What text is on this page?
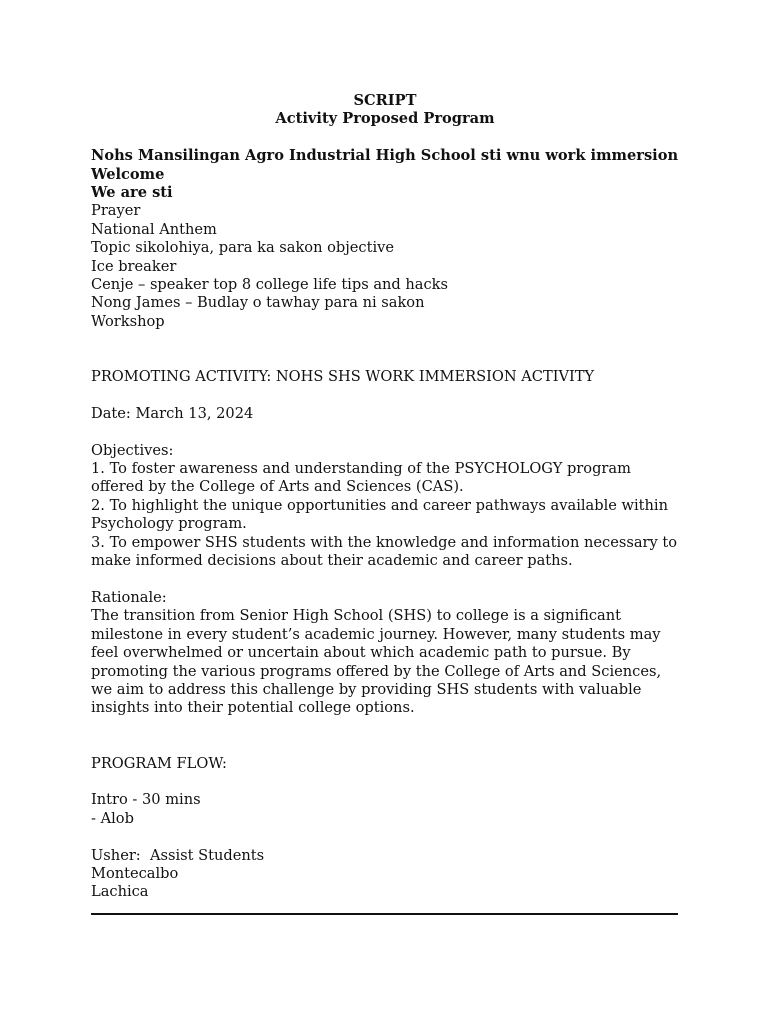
SCRIPT
Activity Proposed Program
Nohs Mansilingan Agro Industrial High School sti wnu work immersion
Welcome
We are sti
Prayer
National Anthem
Topic sikolohiya, para ka sakon objective
Ice breaker
Cenje – speaker top 8 college life tips and hacks
Nong James – Budlay o tawhay para ni sakon
Workshop
PROMOTING ACTIVITY: NOHS SHS WORK IMMERSION ACTIVITY
Date: March 13, 2024
Objectives:
1. To foster awareness and understanding of the PSYCHOLOGY program offered by the College of Arts and Sciences (CAS).
2. To highlight the unique opportunities and career pathways available within Psychology program.
3. To empower SHS students with the knowledge and information necessary to make informed decisions about their academic and career paths.
Rationale:
The transition from Senior High School (SHS) to college is a significant milestone in every student’s academic journey. However, many students may feel overwhelmed or uncertain about which academic path to pursue. By promoting the various programs offered by the College of Arts and Sciences, we aim to address this challenge by providing SHS students with valuable insights into their potential college options.
PROGRAM FLOW:
Intro - 30 mins
- Alob
Usher:  Assist Students
Montecalbo
Lachica
